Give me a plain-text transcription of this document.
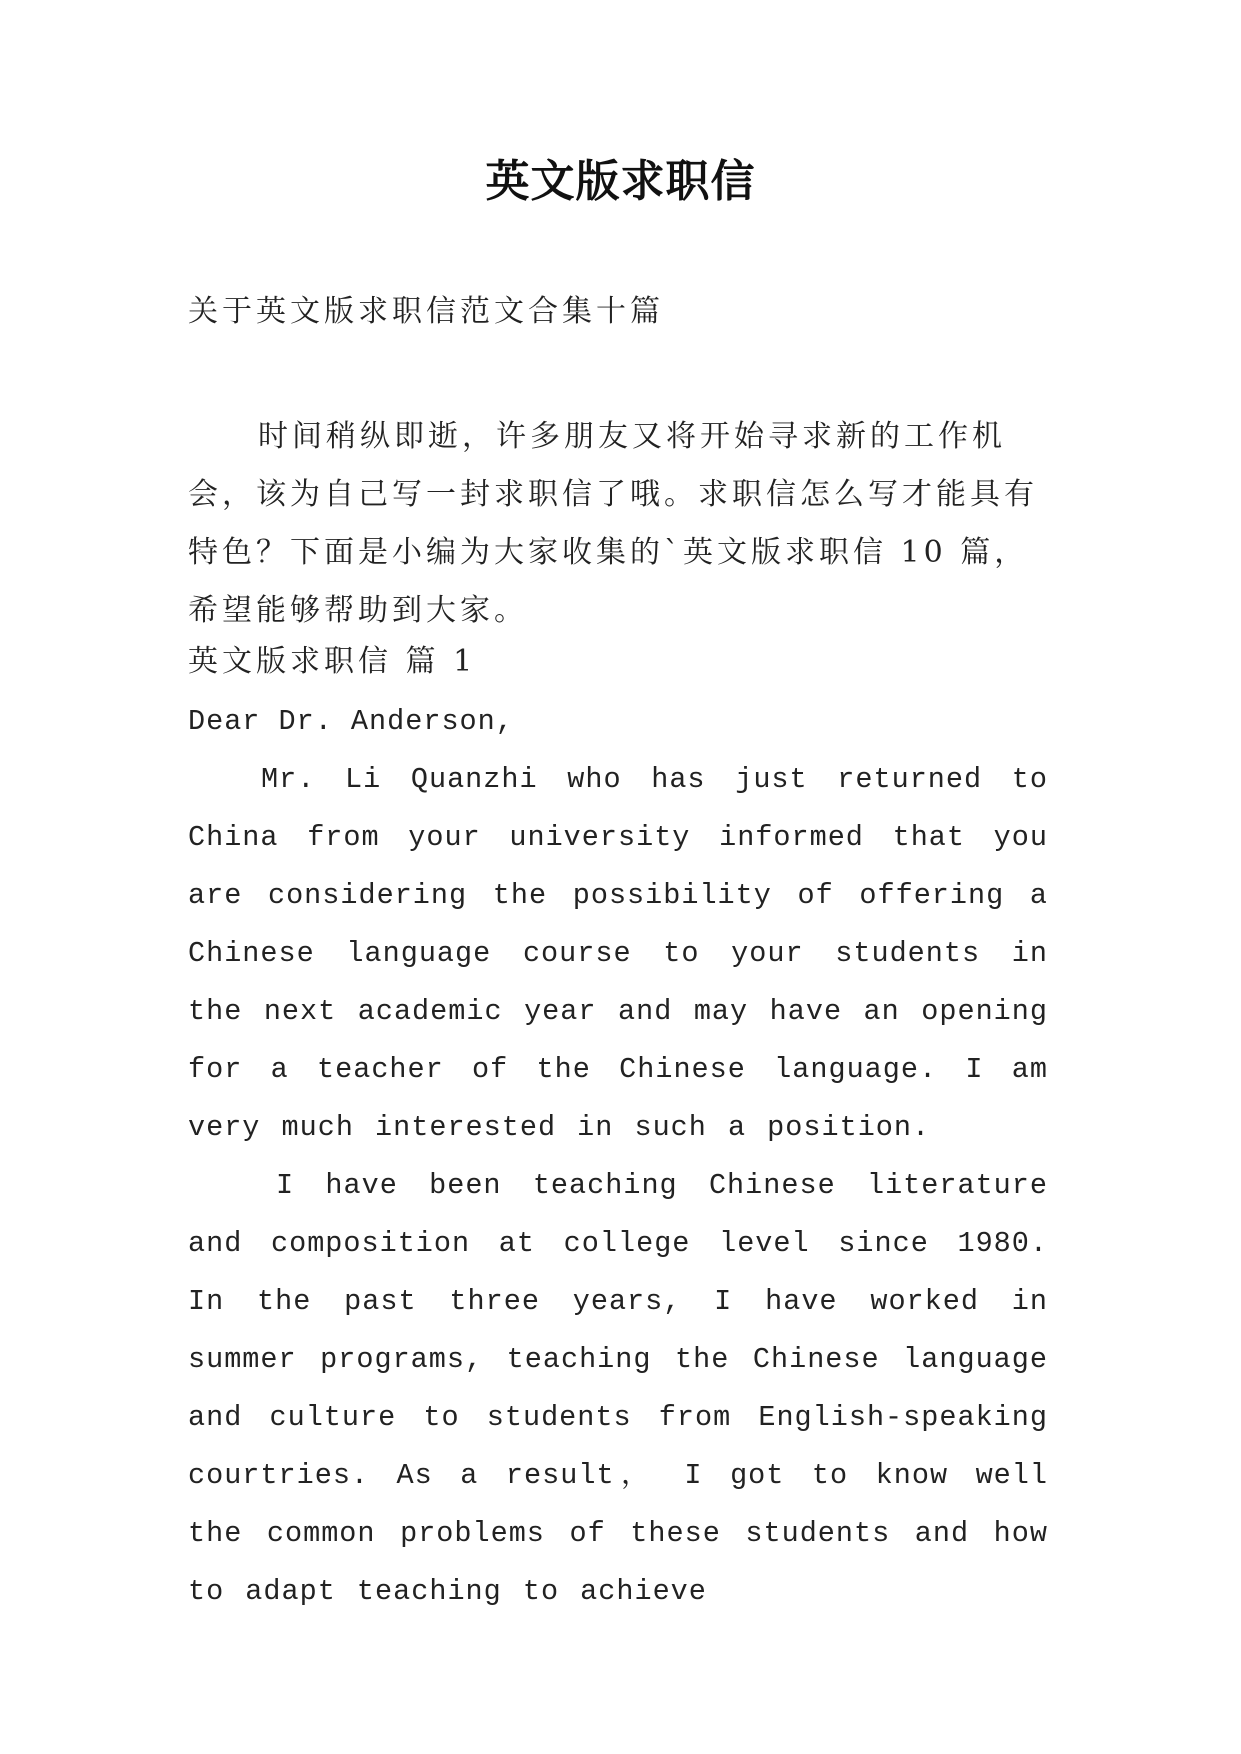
英文版求职信
关于英文版求职信范文合集十篇
时间稍纵即逝，许多朋友又将开始寻求新的工作机会，该为自己写一封求职信了哦。求职信怎么写才能具有特色？下面是小编为大家收集的`英文版求职信 10 篇，希望能够帮助到大家。
英文版求职信 篇 1
Dear Dr. Anderson,
Mr. Li Quanzhi who has just returned to China from your university informed that you are considering the possibility of offering a Chinese language course to your students in the next academic year and may have an opening for a teacher of the Chinese language. I am very much interested in such a position.
I have been teaching Chinese literature and composition at college level since 1980. In the past three years, I have worked in summer programs, teaching the Chinese language and culture to students from English-speaking courtries. As a result， I got to know well the common problems of these students and how to adapt teaching to achieve
